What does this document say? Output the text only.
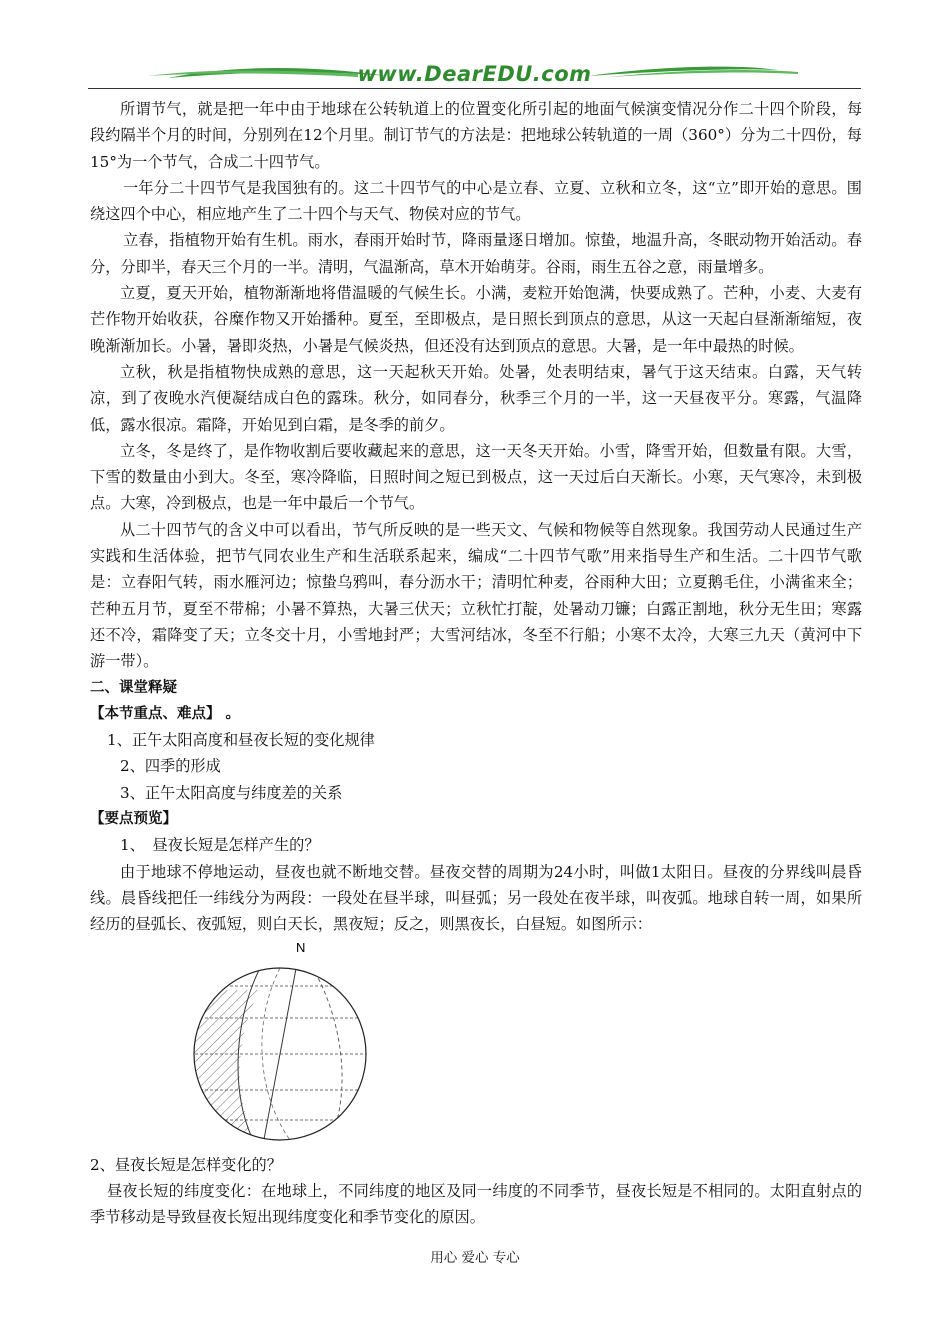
www.DearEDU.com

所谓节气，就是把一年中由于地球在公转轨道上的位置变化所引起的地面气候演变情况分作二十四个阶段，每段约隔半个月的时间，分别列在12个月里。制订节气的方法是：把地球公转轨道的一周（360°）分为二十四份，每15°为一个节气，合成二十四节气。

一年分二十四节气是我国独有的。这二十四节气的中心是立春、立夏、立秋和立冬，这“立”即开始的意思。围绕这四个中心，相应地产生了二十四个与天气、物侯对应的节气。

立春，指植物开始有生机。雨水，春雨开始时节，降雨量逐日增加。惊蛰，地温升高，冬眠动物开始活动。春分，分即半，春天三个月的一半。清明，气温渐高，草木开始萌芽。谷雨，雨生五谷之意，雨量增多。

立夏，夏天开始，植物渐渐地将借温暖的气候生长。小满，麦粒开始饱满，快要成熟了。芒种，小麦、大麦有芒作物开始收获，谷糜作物又开始播种。夏至，至即极点，是日照长到顶点的意思，从这一天起白昼渐渐缩短，夜晚渐渐加长。小暑，暑即炎热，小暑是气候炎热，但还没有达到顶点的意思。大暑，是一年中最热的时候。

立秋，秋是指植物快成熟的意思，这一天起秋天开始。处暑，处表明结束，暑气于这天结束。白露，天气转凉，到了夜晚水汽便凝结成白色的露珠。秋分，如同春分，秋季三个月的一半，这一天昼夜平分。寒露，气温降低，露水很凉。霜降，开始见到白霜，是冬季的前夕。

立冬，冬是终了，是作物收割后要收藏起来的意思，这一天冬天开始。小雪，降雪开始，但数量有限。大雪，下雪的数量由小到大。冬至，寒冷降临，日照时间之短已到极点，这一天过后白天渐长。小寒，天气寒冷，未到极点。大寒，冷到极点，也是一年中最后一个节气。

从二十四节气的含义中可以看出，节气所反映的是一些天文、气候和物候等自然现象。我国劳动人民通过生产实践和生活体验，把节气同农业生产和生活联系起来，编成“二十四节气歌”用来指导生产和生活。二十四节气歌是：立春阳气转，雨水雁河边；惊蛰乌鸦叫，春分沥水干；清明忙种麦，谷雨种大田；立夏鹅毛住，小满雀来全；芒种五月节，夏至不带棉；小暑不算热，大暑三伏天；立秋忙打靛，处暑动刀镰；白露正割地，秋分无生田；寒露还不冷，霜降变了天；立冬交十月，小雪地封严；大雪河结冰，冬至不行船；小寒不太冷，大寒三九天（黄河中下游一带）。

二、课堂释疑

【本节重点、难点】 。

1、正午太阳高度和昼夜长短的变化规律

2、四季的形成

3、正午太阳高度与纬度差的关系

【要点预览】

1、　昼夜长短是怎样产生的？

由于地球不停地运动，昼夜也就不断地交替。昼夜交替的周期为24小时，叫做1太阳日。昼夜的分界线叫晨昏线。晨昏线把任一纬线分为两段：一段处在昼半球，叫昼弧；另一段处在夜半球，叫夜弧。地球自转一周，如果所经历的昼弧长、夜弧短，则白天长，黑夜短；反之，则黑夜长，白昼短。如图所示：

N

2、昼夜长短是怎样变化的？

昼夜长短的纬度变化：在地球上，不同纬度的地区及同一纬度的不同季节，昼夜长短是不相同的。太阳直射点的季节移动是导致昼夜长短出现纬度变化和季节变化的原因。

用心 爱心 专心
